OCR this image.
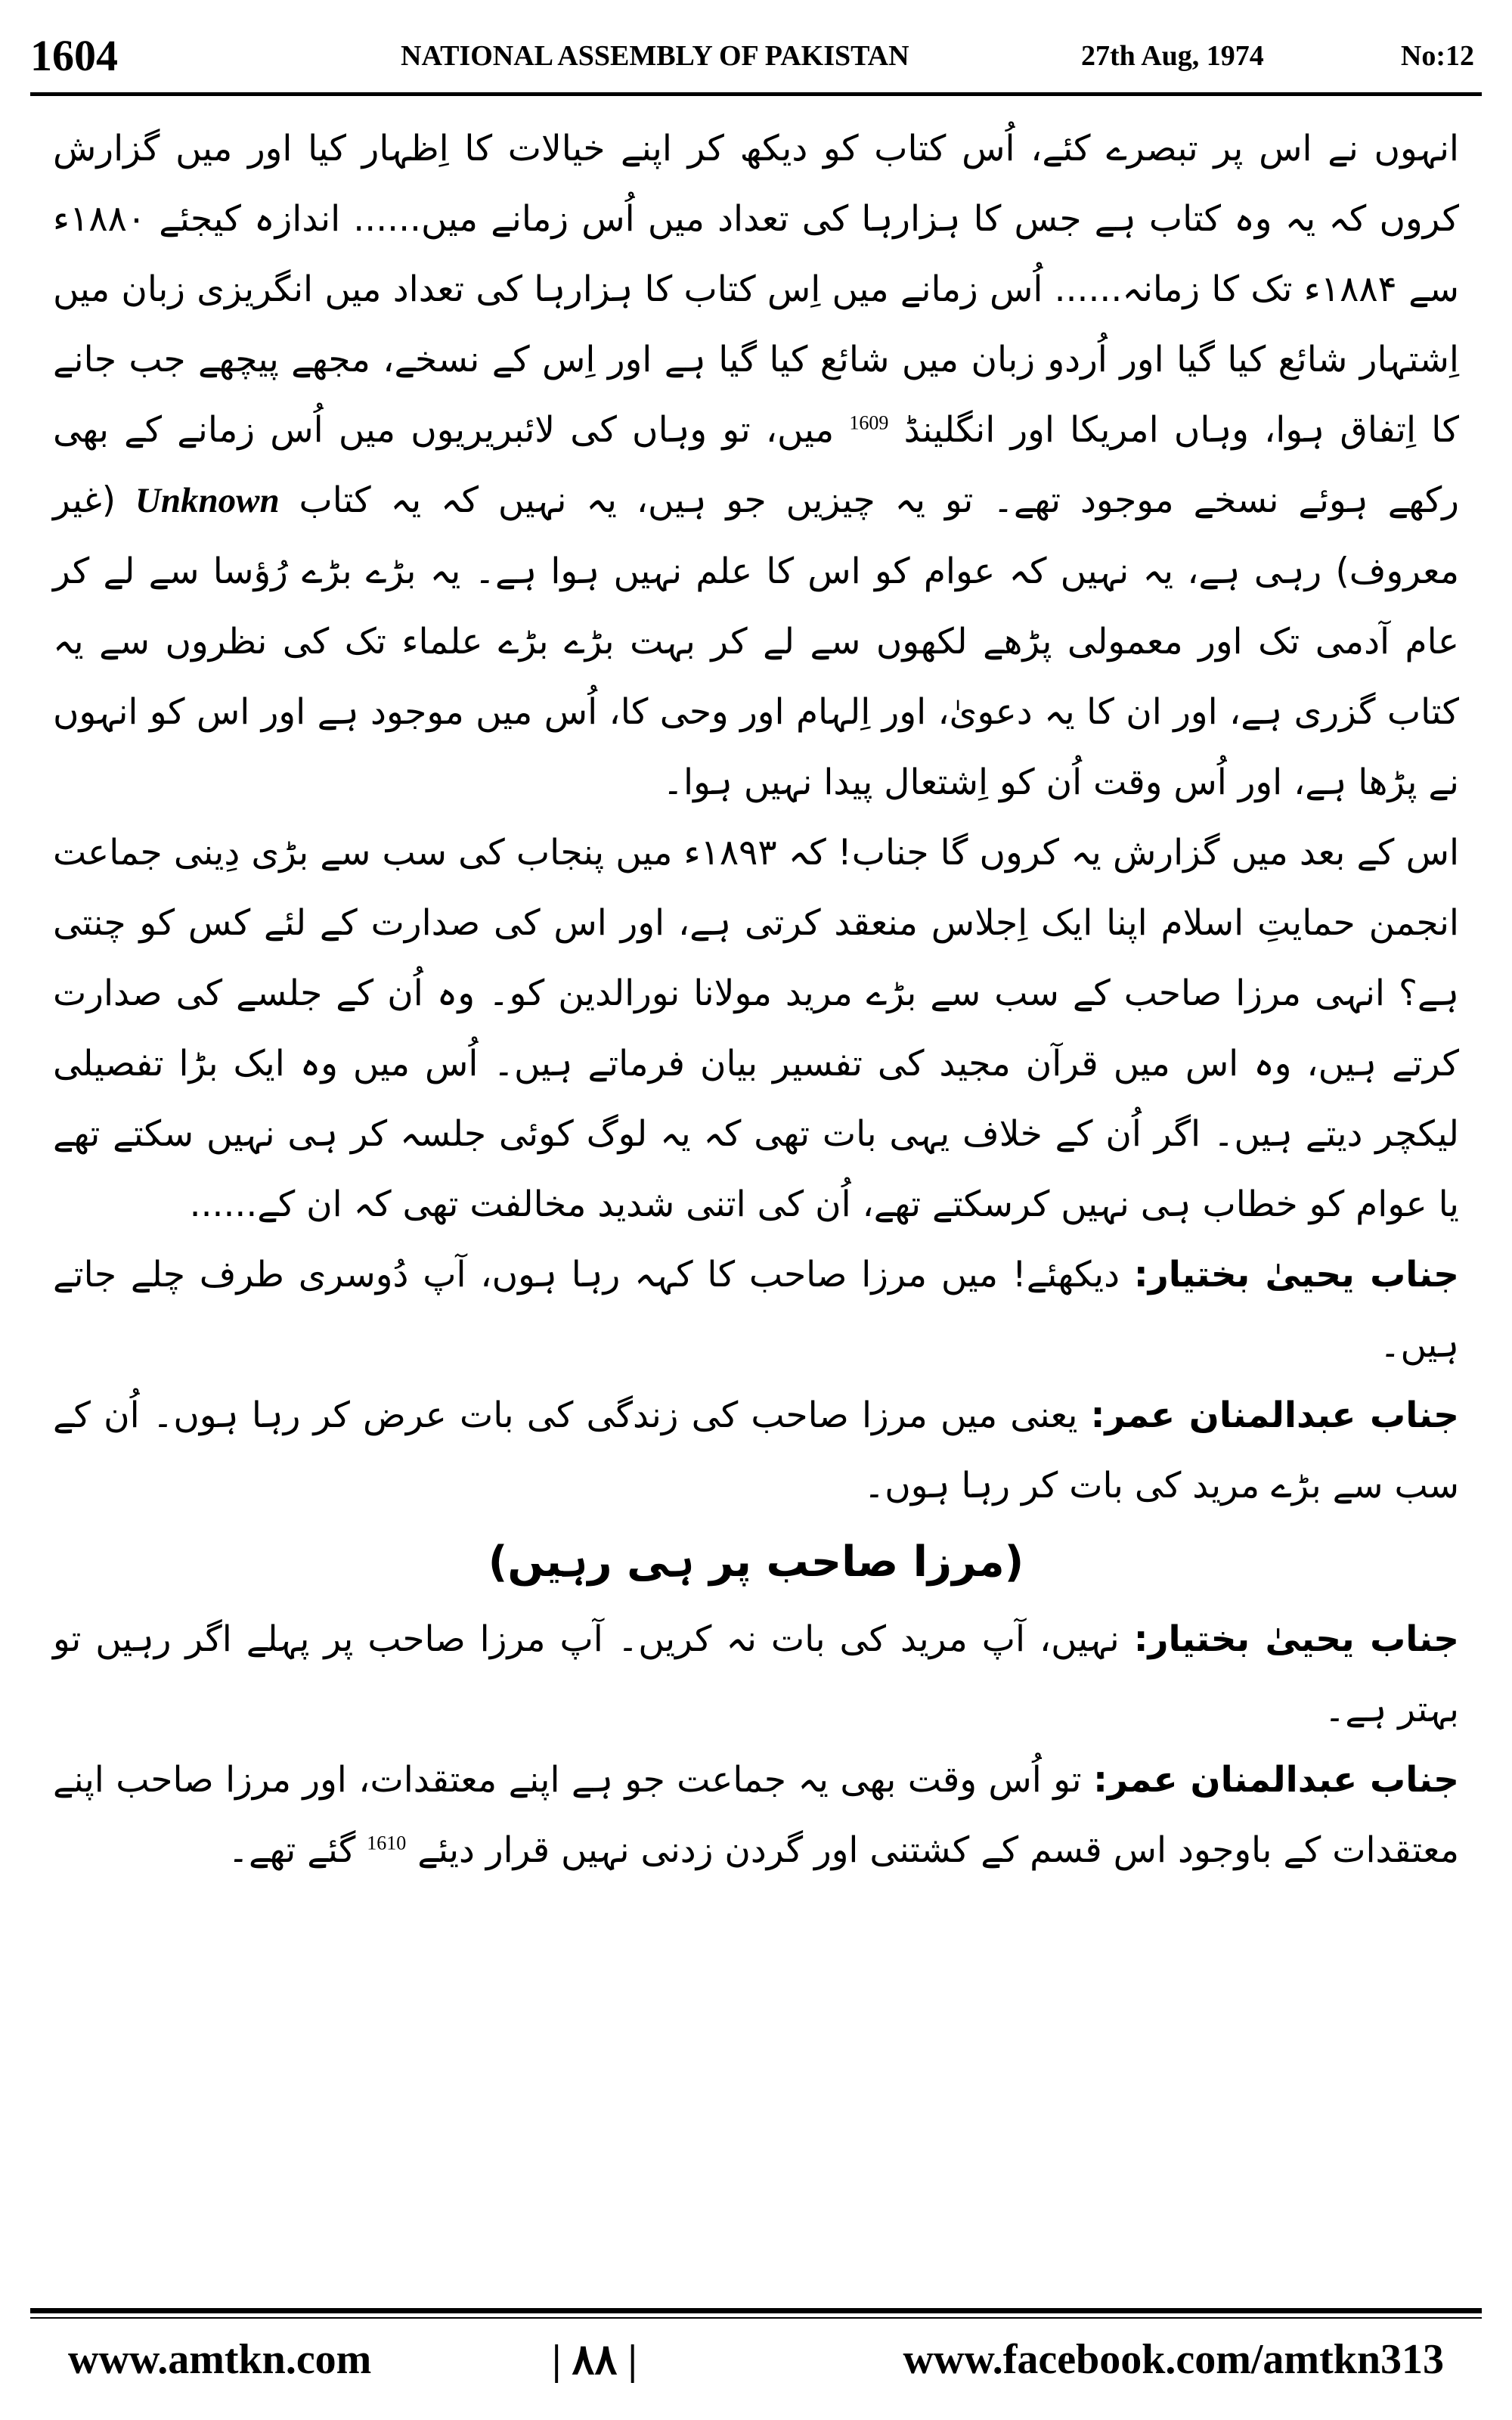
1604	NATIONAL ASSEMBLY OF PAKISTAN	27th Aug, 1974	No:12

انہوں نے اس پر تبصرے کئے، اُس کتاب کو دیکھ کر اپنے خیالات کا اِظہار کیا اور میں گزارش کروں کہ یہ وہ کتاب ہے جس کا ہزارہا کی تعداد میں اُس زمانے میں...... اندازہ کیجئے ۱۸۸۰ء سے ۱۸۸۴ء تک کا زمانہ...... اُس زمانے میں اِس کتاب کا ہزارہا کی تعداد میں انگریزی زبان میں اِشتہار شائع کیا گیا اور اُردو زبان میں شائع کیا گیا ہے اور اِس کے نسخے، مجھے پیچھے جب جانے کا اِتفاق ہوا، وہاں امریکا اور انگلینڈ $^{1609}$ میں، تو وہاں کی لائبریریوں میں اُس زمانے کے بھی رکھے ہوئے نسخے موجود تھے۔ تو یہ چیزیں جو ہیں، یہ نہیں کہ یہ کتاب Unknown (غیر معروف) رہی ہے، یہ نہیں کہ عوام کو اس کا علم نہیں ہوا ہے۔ یہ بڑے بڑے رُؤسا سے لے کر عام آدمی تک اور معمولی پڑھے لکھوں سے لے کر بہت بڑے بڑے علماء تک کی نظروں سے یہ کتاب گزری ہے، اور ان کا یہ دعویٰ، اور اِلہام اور وحی کا، اُس میں موجود ہے اور اس کو انہوں نے پڑھا ہے، اور اُس وقت اُن کو اِشتعال پیدا نہیں ہوا۔

اس کے بعد میں گزارش یہ کروں گا جناب! کہ ۱۸۹۳ء میں پنجاب کی سب سے بڑی دِینی جماعت انجمن حمایتِ اسلام اپنا ایک اِجلاس منعقد کرتی ہے، اور اس کی صدارت کے لئے کس کو چنتی ہے؟ انہی مرزا صاحب کے سب سے بڑے مرید مولانا نورالدین کو۔ وہ اُن کے جلسے کی صدارت کرتے ہیں، وہ اس میں قرآن مجید کی تفسیر بیان فرماتے ہیں۔ اُس میں وہ ایک بڑا تفصیلی لیکچر دیتے ہیں۔ اگر اُن کے خلاف یہی بات تھی کہ یہ لوگ کوئی جلسہ کر ہی نہیں سکتے تھے یا عوام کو خطاب ہی نہیں کرسکتے تھے، اُن کی اتنی شدید مخالفت تھی کہ ان کے......

جناب یحییٰ بختیار: دیکھئے! میں مرزا صاحب کا کہہ رہا ہوں، آپ دُوسری طرف چلے جاتے ہیں۔

جناب عبدالمنان عمر: یعنی میں مرزا صاحب کی زندگی کی بات عرض کر رہا ہوں۔ اُن کے سب سے بڑے مرید کی بات کر رہا ہوں۔

(مرزا صاحب پر ہی رہیں)

جناب یحییٰ بختیار: نہیں، آپ مرید کی بات نہ کریں۔ آپ مرزا صاحب پر پہلے اگر رہیں تو بہتر ہے۔

جناب عبدالمنان عمر: تو اُس وقت بھی یہ جماعت جو ہے اپنے معتقدات، اور مرزا صاحب اپنے معتقدات کے باوجود اس قسم کے کشتنی اور گردن زدنی نہیں قرار دیئے $^{1610}$ گئے تھے۔

www.amtkn.com	| ۸۸ |	www.facebook.com/amtkn313
